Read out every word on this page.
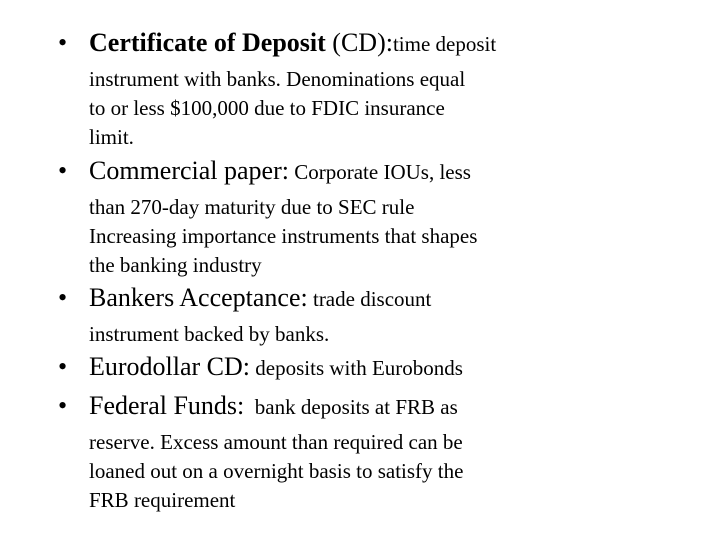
• Certificate of Deposit (CD):time deposit
instrument with banks. Denominations equal
to or less $100,000 due to FDIC insurance
limit.
• Commercial paper: Corporate IOUs, less
than 270-day maturity due to SEC rule
Increasing importance instruments that shapes
the banking industry
• Bankers Acceptance: trade discount
instrument backed by banks.
• Eurodollar CD: deposits with Eurobonds
• Federal Funds:  bank deposits at FRB as
reserve. Excess amount than required can be
loaned out on a overnight basis to satisfy the
FRB requirement
